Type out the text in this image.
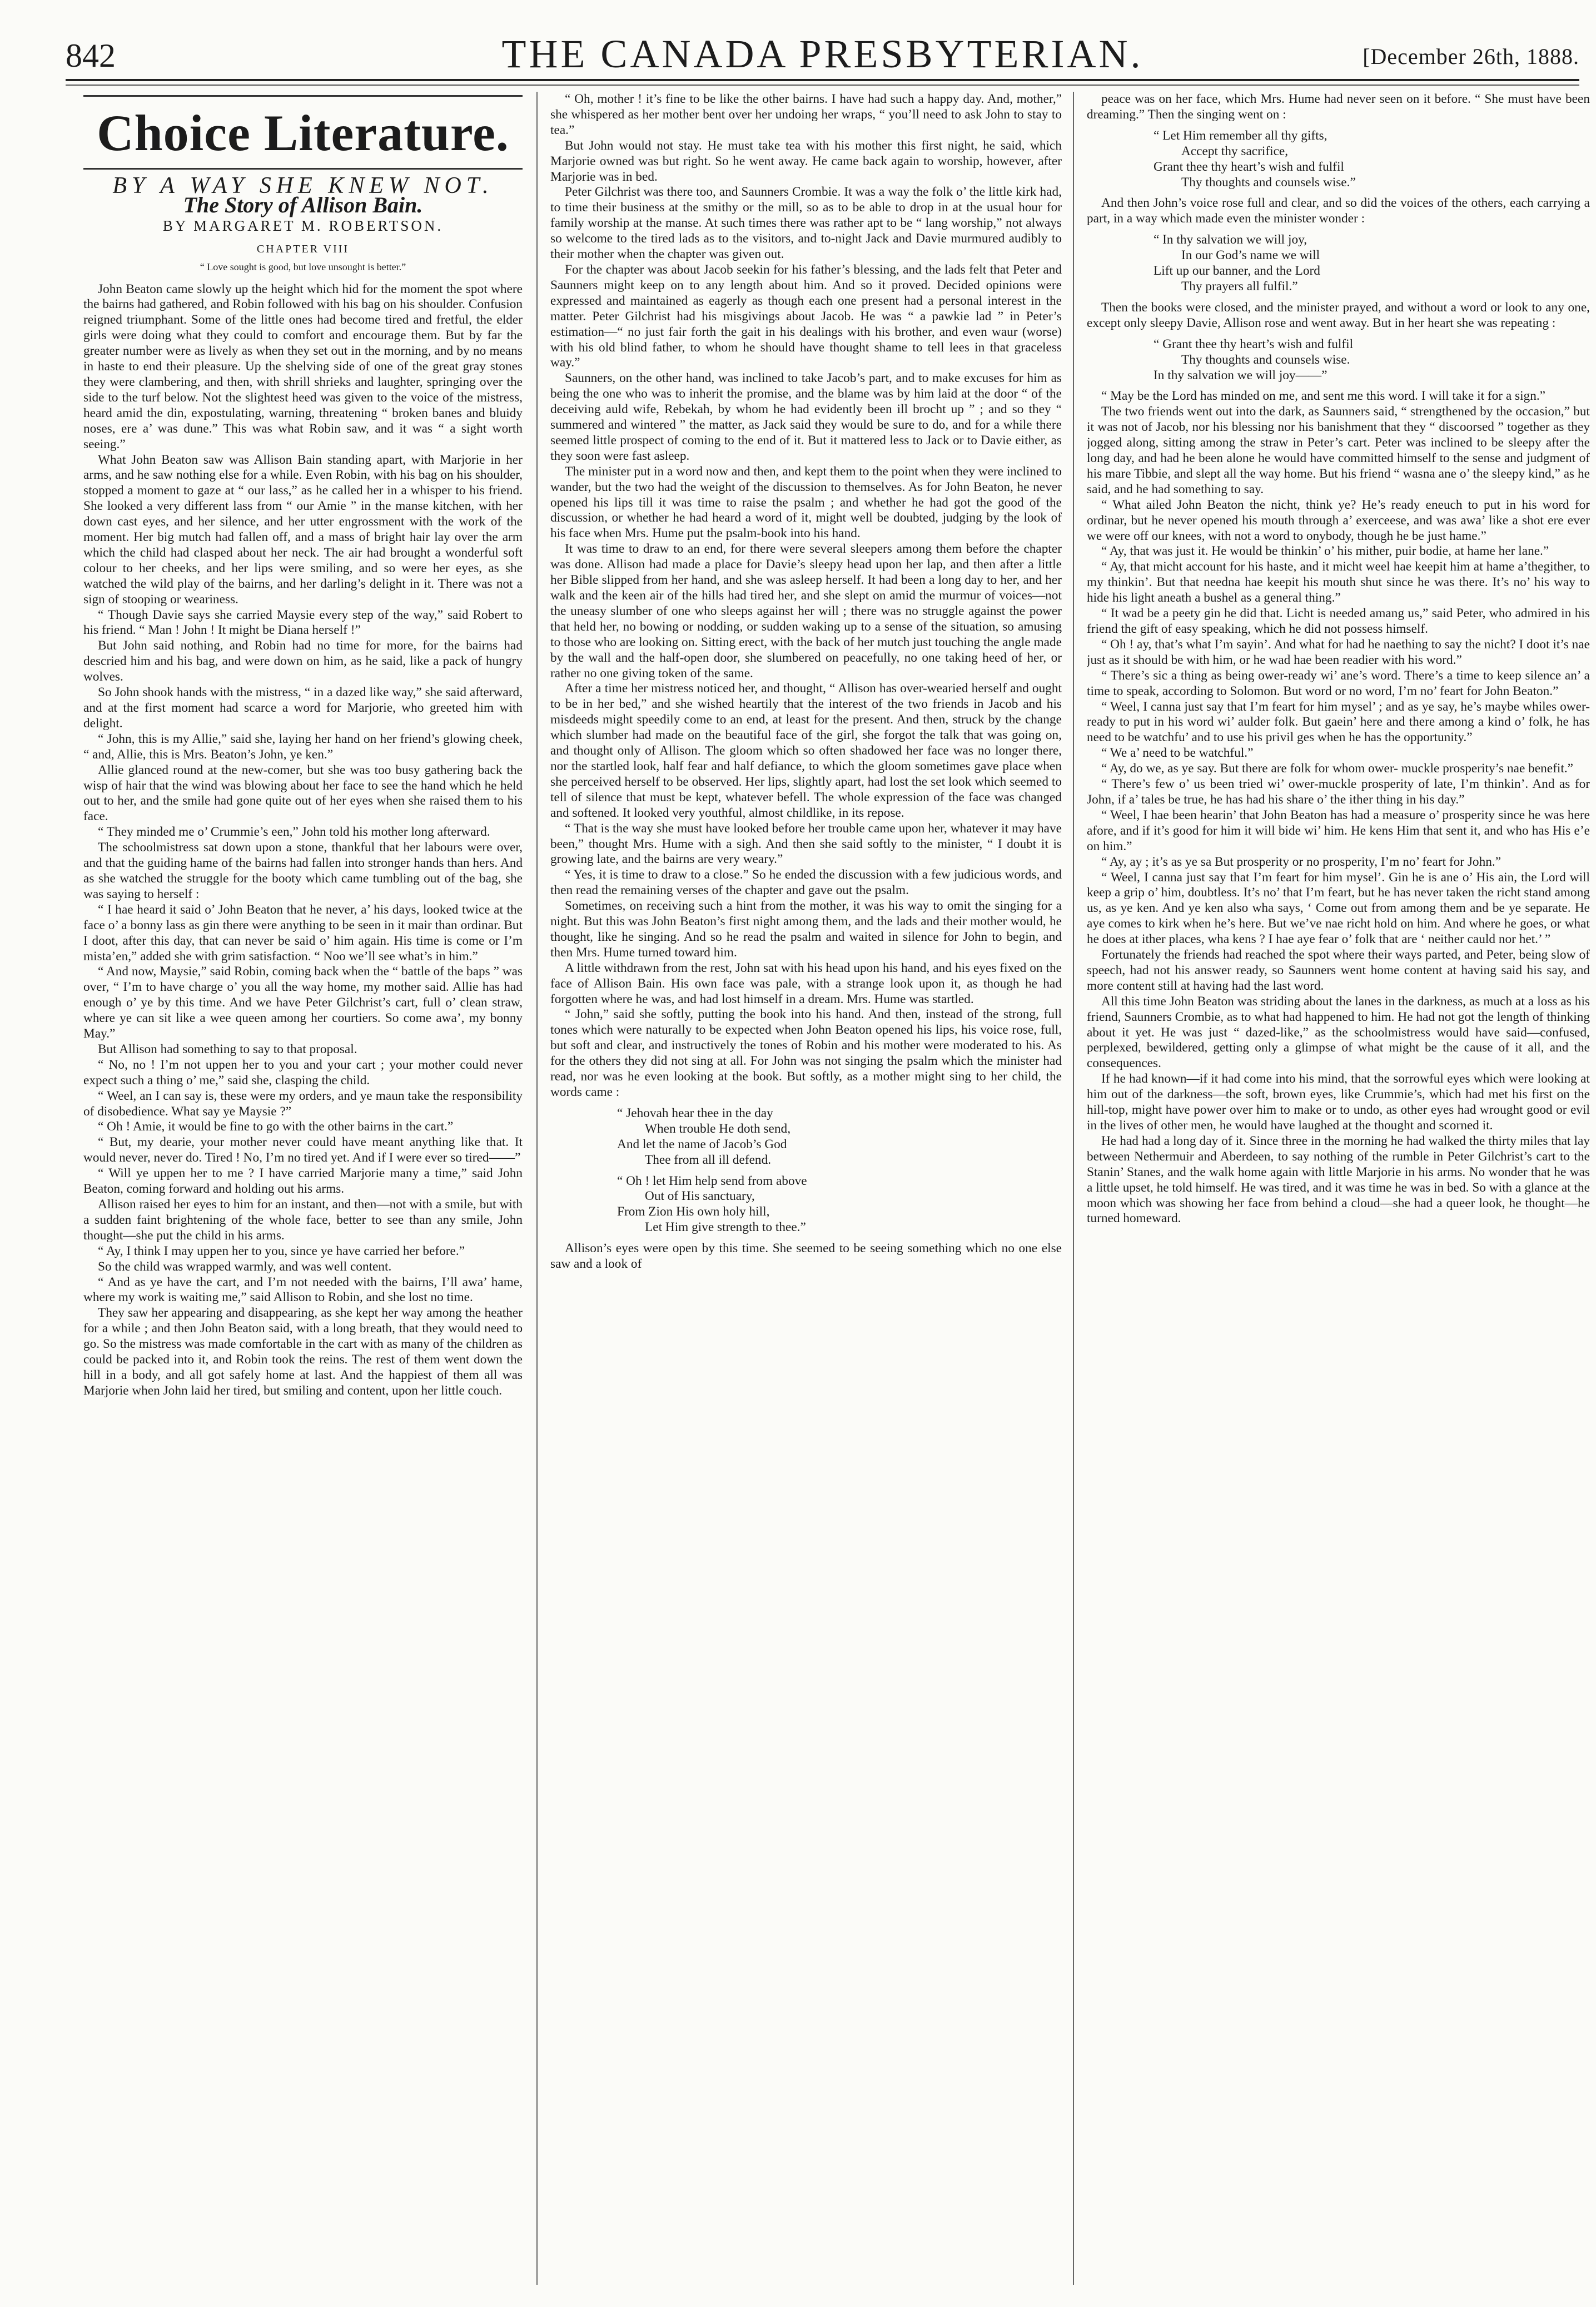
842	THE CANADA PRESBYTERIAN.	[December 26th, 1888.
Choice Literature.
BY A WAY SHE KNEW NOT.
The Story of Allison Bain.
BY MARGARET M. ROBERTSON.
CHAPTER VIII
“ Love sought is good, but love unsought is better.”

John Beaton came slowly up the height which hid for the moment the spot where the bairns had gathered, and Robin followed with his bag on his shoulder. Confusion reigned triumphant. Some of the little ones had become tired and fretful, the elder girls were doing what they could to comfort and encourage them. But by far the greater number were as lively as when they set out in the morning, and by no means in haste to end their pleasure. Up the shelving side of one of the great gray stones they were clambering, and then, with shrill shrieks and laughter, springing over the side to the turf below. Not the slightest heed was given to the voice of the mistress, heard amid the din, expostulating, warning, threatening “ broken banes and bluidy noses, ere a’ was dune.” This was what Robin saw, and it was “ a sight worth seeing.”

What John Beaton saw was Allison Bain standing apart, with Marjorie in her arms, and he saw nothing else for a while. Even Robin, with his bag on his shoulder, stopped a moment to gaze at “ our lass,” as he called her in a whisper to his friend. She looked a very different lass from “ our Amie ” in the manse kitchen, with her down cast eyes, and her silence, and her utter engrossment with the work of the moment. Her big mutch had fallen off, and a mass of bright hair lay over the arm which the child had clasped about her neck. The air had brought a wonderful soft colour to her cheeks, and her lips were smiling, and so were her eyes, as she watched the wild play of the bairns, and her darling’s delight in it. There was not a sign of stooping or weariness.

“ Though Davie says she carried Maysie every step of the way,” said Robert to his friend. “ Man ! John ! It might be Diana herself !”

But John said nothing, and Robin had no time for more, for the bairns had descried him and his bag, and were down on him, as he said, like a pack of hungry wolves.

So John shook hands with the mistress, “ in a dazed like way,” she said afterward, and at the first moment had scarce a word for Marjorie, who greeted him with delight.

“ John, this is my Allie,” said she, laying her hand on her friend’s glowing cheek, “ and, Allie, this is Mrs. Beaton’s John, ye ken.”

Allie glanced round at the new-comer, but she was too busy gathering back the wisp of hair that the wind was blowing about her face to see the hand which he held out to her, and the smile had gone quite out of her eyes when she raised them to his face.

“ They minded me o’ Crummie’s een,” John told his mother long afterward.

The schoolmistress sat down upon a stone, thankful that her labours were over, and that the guiding hame of the bairns had fallen into stronger hands than hers. And as she watched the struggle for the booty which came tumbling out of the bag, she was saying to herself :

“ I hae heard it said o’ John Beaton that he never, a’ his days, looked twice at the face o’ a bonny lass as gin there were anything to be seen in it mair than ordinar. But I doot, after this day, that can never be said o’ him again. His time is come or I’m mista’en,” added she with grim satisfaction. “ Noo we’ll see what’s in him.”

“ And now, Maysie,” said Robin, coming back when the “ battle of the baps ” was over, “ I’m to have charge o’ you all the way home, my mother said. Allie has had enough o’ ye by this time. And we have Peter Gilchrist’s cart, full o’ clean straw, where ye can sit like a wee queen among her courtiers. So come awa’, my bonny May.”

But Allison had something to say to that proposal.

“ No, no ! I’m not uppen her to you and your cart ; your mother could never expect such a thing o’ me,” said she, clasping the child.

“ Weel, an I can say is, these were my orders, and ye maun take the responsibility of disobedience. What say ye Maysie ?”

“ Oh ! Amie, it would be fine to go with the other bairns in the cart.”

“ But, my dearie, your mother never could have meant anything like that. It would never, never do. Tired ! No, I’m no tired yet. And if I were ever so tired——”

“ Will ye uppen her to me ? I have carried Marjorie many a time,” said John Beaton, coming forward and holding out his arms.

Allison raised her eyes to him for an instant, and then—not with a smile, but with a sudden faint brightening of the whole face, better to see than any smile, John thought—she put the child in his arms.

“ Ay, I think I may uppen her to you, since ye have carried her before.”

So the child was wrapped warmly, and was well content.

“ And as ye have the cart, and I’m not needed with the bairns, I’ll awa’ hame, where my work is waiting me,” said Allison to Robin, and she lost no time.

They saw her appearing and disappearing, as she kept her way among the heather for a while ; and then John Beaton said, with a long breath, that they would need to go. So the mistress was made comfortable in the cart with as many of the children as could be packed into it, and Robin took the reins. The rest of them went down the hill in a body, and all got safely home at last. And the happiest of them all was Marjorie when John laid her tired, but smiling and content, upon her little couch.

“ Oh, mother ! it’s fine to be like the other bairns. I have had such a happy day. And, mother,” she whispered as her mother bent over her undoing her wraps, “ you’ll need to ask John to stay to tea.”

But John would not stay. He must take tea with his mother this first night, he said, which Marjorie owned was but right. So he went away. He came back again to worship, however, after Marjorie was in bed.

Peter Gilchrist was there too, and Saunners Crombie. It was a way the folk o’ the little kirk had, to time their business at the smithy or the mill, so as to be able to drop in at the usual hour for family worship at the manse. At such times there was rather apt to be “ lang worship,” not always so welcome to the tired lads as to the visitors, and to-night Jack and Davie murmured audibly to their mother when the chapter was given out.

For the chapter was about Jacob seekin for his father’s blessing, and the lads felt that Peter and Saunners might keep on to any length about him. And so it proved. Decided opinions were expressed and maintained as eagerly as though each one present had a personal interest in the matter. Peter Gilchrist had his misgivings about Jacob. He was “ a pawkie lad ” in Peter’s estimation—“ no just fair forth the gait in his dealings with his brother, and even waur (worse) with his old blind father, to whom he should have thought shame to tell lees in that graceless way.”

Saunners, on the other hand, was inclined to take Jacob’s part, and to make excuses for him as being the one who was to inherit the promise, and the blame was by him laid at the door “ of the deceiving auld wife, Rebekah, by whom he had evidently been ill brocht up ” ; and so they “ summered and wintered ” the matter, as Jack said they would be sure to do, and for a while there seemed little prospect of coming to the end of it. But it mattered less to Jack or to Davie either, as they soon were fast asleep.

The minister put in a word now and then, and kept them to the point when they were inclined to wander, but the two had the weight of the discussion to themselves. As for John Beaton, he never opened his lips till it was time to raise the psalm ; and whether he had got the good of the discussion, or whether he had heard a word of it, might well be doubted, judging by the look of his face when Mrs. Hume put the psalm-book into his hand.

It was time to draw to an end, for there were several sleepers among them before the chapter was done. Allison had made a place for Davie’s sleepy head upon her lap, and then after a little her Bible slipped from her hand, and she was asleep herself. It had been a long day to her, and her walk and the keen air of the hills had tired her, and she slept on amid the murmur of voices—not the uneasy slumber of one who sleeps against her will ; there was no struggle against the power that held her, no bowing or nodding, or sudden waking up to a sense of the situation, so amusing to those who are looking on. Sitting erect, with the back of her mutch just touching the angle made by the wall and the half-open door, she slumbered on peacefully, no one taking heed of her, or rather no one giving token of the same.

After a time her mistress noticed her, and thought, “ Allison has over-wearied herself and ought to be in her bed,” and she wished heartily that the interest of the two friends in Jacob and his misdeeds might speedily come to an end, at least for the present. And then, struck by the change which slumber had made on the beautiful face of the girl, she forgot the talk that was going on, and thought only of Allison. The gloom which so often shadowed her face was no longer there, nor the startled look, half fear and half defiance, to which the gloom sometimes gave place when she perceived herself to be observed. Her lips, slightly apart, had lost the set look which seemed to tell of silence that must be kept, whatever befell. The whole expression of the face was changed and softened. It looked very youthful, almost childlike, in its repose.

“ That is the way she must have looked before her trouble came upon her, whatever it may have been,” thought Mrs. Hume with a sigh. And then she said softly to the minister, “ I doubt it is growing late, and the bairns are very weary.”

“ Yes, it is time to draw to a close.” So he ended the discussion with a few judicious words, and then read the remaining verses of the chapter and gave out the psalm.

Sometimes, on receiving such a hint from the mother, it was his way to omit the singing for a night. But this was John Beaton’s first night among them, and the lads and their mother would, he thought, like he singing. And so he read the psalm and waited in silence for John to begin, and then Mrs. Hume turned toward him.

A little withdrawn from the rest, John sat with his head upon his hand, and his eyes fixed on the face of Allison Bain. His own face was pale, with a strange look upon it, as though he had forgotten where he was, and had lost himself in a dream. Mrs. Hume was startled.

“ John,” said she softly, putting the book into his hand. And then, instead of the strong, full tones which were naturally to be expected when John Beaton opened his lips, his voice rose, full, but soft and clear, and instructively the tones of Robin and his mother were moderated to his. As for the others they did not sing at all. For John was not singing the psalm which the minister had read, nor was he even looking at the book. But softly, as a mother might sing to her child, the words came :

“ Jehovah hear thee in the day
When trouble He doth send,
And let the name of Jacob’s God
Thee from all ill defend.
“ Oh ! let Him help send from above
Out of His sanctuary,
From Zion His own holy hill,
Let Him give strength to thee.”

Allison’s eyes were open by this time. She seemed to be seeing something which no one else saw and a look of

peace was on her face, which Mrs. Hume had never seen on it before. “ She must have been dreaming.” Then the singing went on :

“ Let Him remember all thy gifts,
Accept thy sacrifice,
Grant thee thy heart’s wish and fulfil
Thy thoughts and counsels wise.”

And then John’s voice rose full and clear, and so did the voices of the others, each carrying a part, in a way which made even the minister wonder :

“ In thy salvation we will joy,
In our God’s name we will
Lift up our banner, and the Lord
Thy prayers all fulfil.”

Then the books were closed, and the minister prayed, and without a word or look to any one, except only sleepy Davie, Allison rose and went away. But in her heart she was repeating :

“ Grant thee thy heart’s wish and fulfil
Thy thoughts and counsels wise.
In thy salvation we will joy——”

“ May be the Lord has minded on me, and sent me this word. I will take it for a sign.”

The two friends went out into the dark, as Saunners said, “ strengthened by the occasion,” but it was not of Jacob, nor his blessing nor his banishment that they “ discoorsed ” together as they jogged along, sitting among the straw in Peter’s cart. Peter was inclined to be sleepy after the long day, and had he been alone he would have committed himself to the sense and judgment of his mare Tibbie, and slept all the way home. But his friend “ wasna ane o’ the sleepy kind,” as he said, and he had something to say.

“ What ailed John Beaton the nicht, think ye? He’s ready eneuch to put in his word for ordinar, but he never opened his mouth through a’ exerceese, and was awa’ like a shot ere ever we were off our knees, with not a word to onybody, though he be just hame.”

“ Ay, that was just it. He would be thinkin’ o’ his mither, puir bodie, at hame her lane.”

“ Ay, that micht account for his haste, and it micht weel hae keepit him at hame a’thegither, to my thinkin’. But that needna hae keepit his mouth shut since he was there. It’s no’ his way to hide his light aneath a bushel as a general thing.”

“ It wad be a peety gin he did that. Licht is needed amang us,” said Peter, who admired in his friend the gift of easy speaking, which he did not possess himself.

“ Oh ! ay, that’s what I’m sayin’. And what for had he naething to say the nicht? I doot it’s nae just as it should be with him, or he wad hae been readier with his word.”

“ There’s sic a thing as being ower-ready wi’ ane’s word. There’s a time to keep silence an’ a time to speak, according to Solomon. But word or no word, I’m no’ feart for John Beaton.”

“ Weel, I canna just say that I’m feart for him mysel’ ; and as ye say, he’s maybe whiles ower-ready to put in his word wi’ aulder folk. But gaein’ here and there among a kind o’ folk, he has need to be watchfu’ and to use his privil ges when he has the opportunity.”

“ We a’ need to be watchful.”

“ Ay, do we, as ye say. But there are folk for whom ower- muckle prosperity’s nae benefit.”

“ There’s few o’ us been tried wi’ ower-muckle prosperity of late, I’m thinkin’. And as for John, if a’ tales be true, he has had his share o’ the ither thing in his day.”

“ Weel, I hae been hearin’ that John Beaton has had a measure o’ prosperity since he was here afore, and if it’s good for him it will bide wi’ him. He kens Him that sent it, and who has His e’e on him.”

“ Ay, ay ; it’s as ye sa But prosperity or no prosperity, I’m no’ feart for John.”

“ Weel, I canna just say that I’m feart for him mysel’. Gin he is ane o’ His ain, the Lord will keep a grip o’ him, doubtless. It’s no’ that I’m feart, but he has never taken the richt stand among us, as ye ken. And ye ken also wha says, ‘ Come out from among them and be ye separate. He aye comes to kirk when he’s here. But we’ve nae richt hold on him. And where he goes, or what he does at ither places, wha kens ? I hae aye fear o’ folk that are ‘ neither cauld nor het.’ ”

Fortunately the friends had reached the spot where their ways parted, and Peter, being slow of speech, had not his answer ready, so Saunners went home content at having said his say, and more content still at having had the last word.

All this time John Beaton was striding about the lanes in the darkness, as much at a loss as his friend, Saunners Crombie, as to what had happened to him. He had not got the length of thinking about it yet. He was just “ dazed-like,” as the schoolmistress would have said—confused, perplexed, bewildered, getting only a glimpse of what might be the cause of it all, and the consequences.

If he had known—if it had come into his mind, that the sorrowful eyes which were looking at him out of the darkness—the soft, brown eyes, like Crummie’s, which had met his first on the hill-top, might have power over him to make or to undo, as other eyes had wrought good or evil in the lives of other men, he would have laughed at the thought and scorned it.

He had had a long day of it. Since three in the morning he had walked the thirty miles that lay between Nethermuir and Aberdeen, to say nothing of the rumble in Peter Gilchrist’s cart to the Stanin’ Stanes, and the walk home again with little Marjorie in his arms. No wonder that he was a little upset, he told himself. He was tired, and it was time he was in bed. So with a glance at the moon which was showing her face from behind a cloud—she had a queer look, he thought—he turned homeward.
